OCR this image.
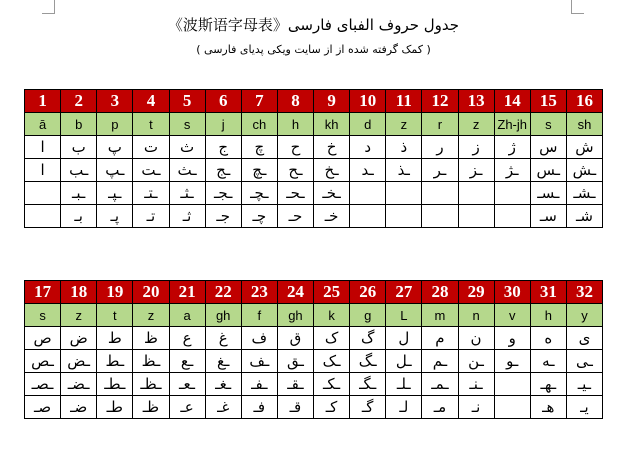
《波斯语字母表》جدول حروف الفبای فارسی
( کمک گرفته شده از از سایت ویکی پدیای فارسی )
1	2	3	4	5	6	7	8	9	10	11	12	13	14	15	16
ā	b	p	t	s	j	ch	h	kh	d	z	r	z	Zh-jh	s	sh
ا	ب	پ	ت	ث	ج	چ	ح	خ	د	ذ	ر	ز	ژ	س	ش
ا	ـب	ـپ	ـت	ـث	ـج	ـچ	ـح	ـخ	ـد	ـذ	ـر	ـز	ـژ	ـس	ـش
	ـبـ	ـپـ	ـتـ	ـثـ	ـجـ	ـچـ	ـحـ	ـخـ						ـسـ	ـشـ
	بـ	پـ	تـ	ثـ	جـ	چـ	حـ	خـ						سـ	شـ
17	18	19	20	21	22	23	24	25	26	27	28	29	30	31	32
s	z	t	z	a	gh	f	gh	k	g	L	m	n	v	h	y
ص	ض	ط	ظ	ع	غ	ف	ق	ک	گ	ل	م	ن	و	ه	ی
ـص	ـض	ـط	ـظ	ـع	ـغ	ـف	ـق	ـک	ـگ	ـل	ـم	ـن	ـو	ـه	ـی
ـصـ	ـضـ	ـطـ	ـظـ	ـعـ	ـغـ	ـفـ	ـقـ	ـکـ	ـگـ	ـلـ	ـمـ	ـنـ		ـهـ	ـیـ
صـ	ضـ	طـ	ظـ	عـ	غـ	فـ	قـ	کـ	گـ	لـ	مـ	نـ		هـ	یـ
